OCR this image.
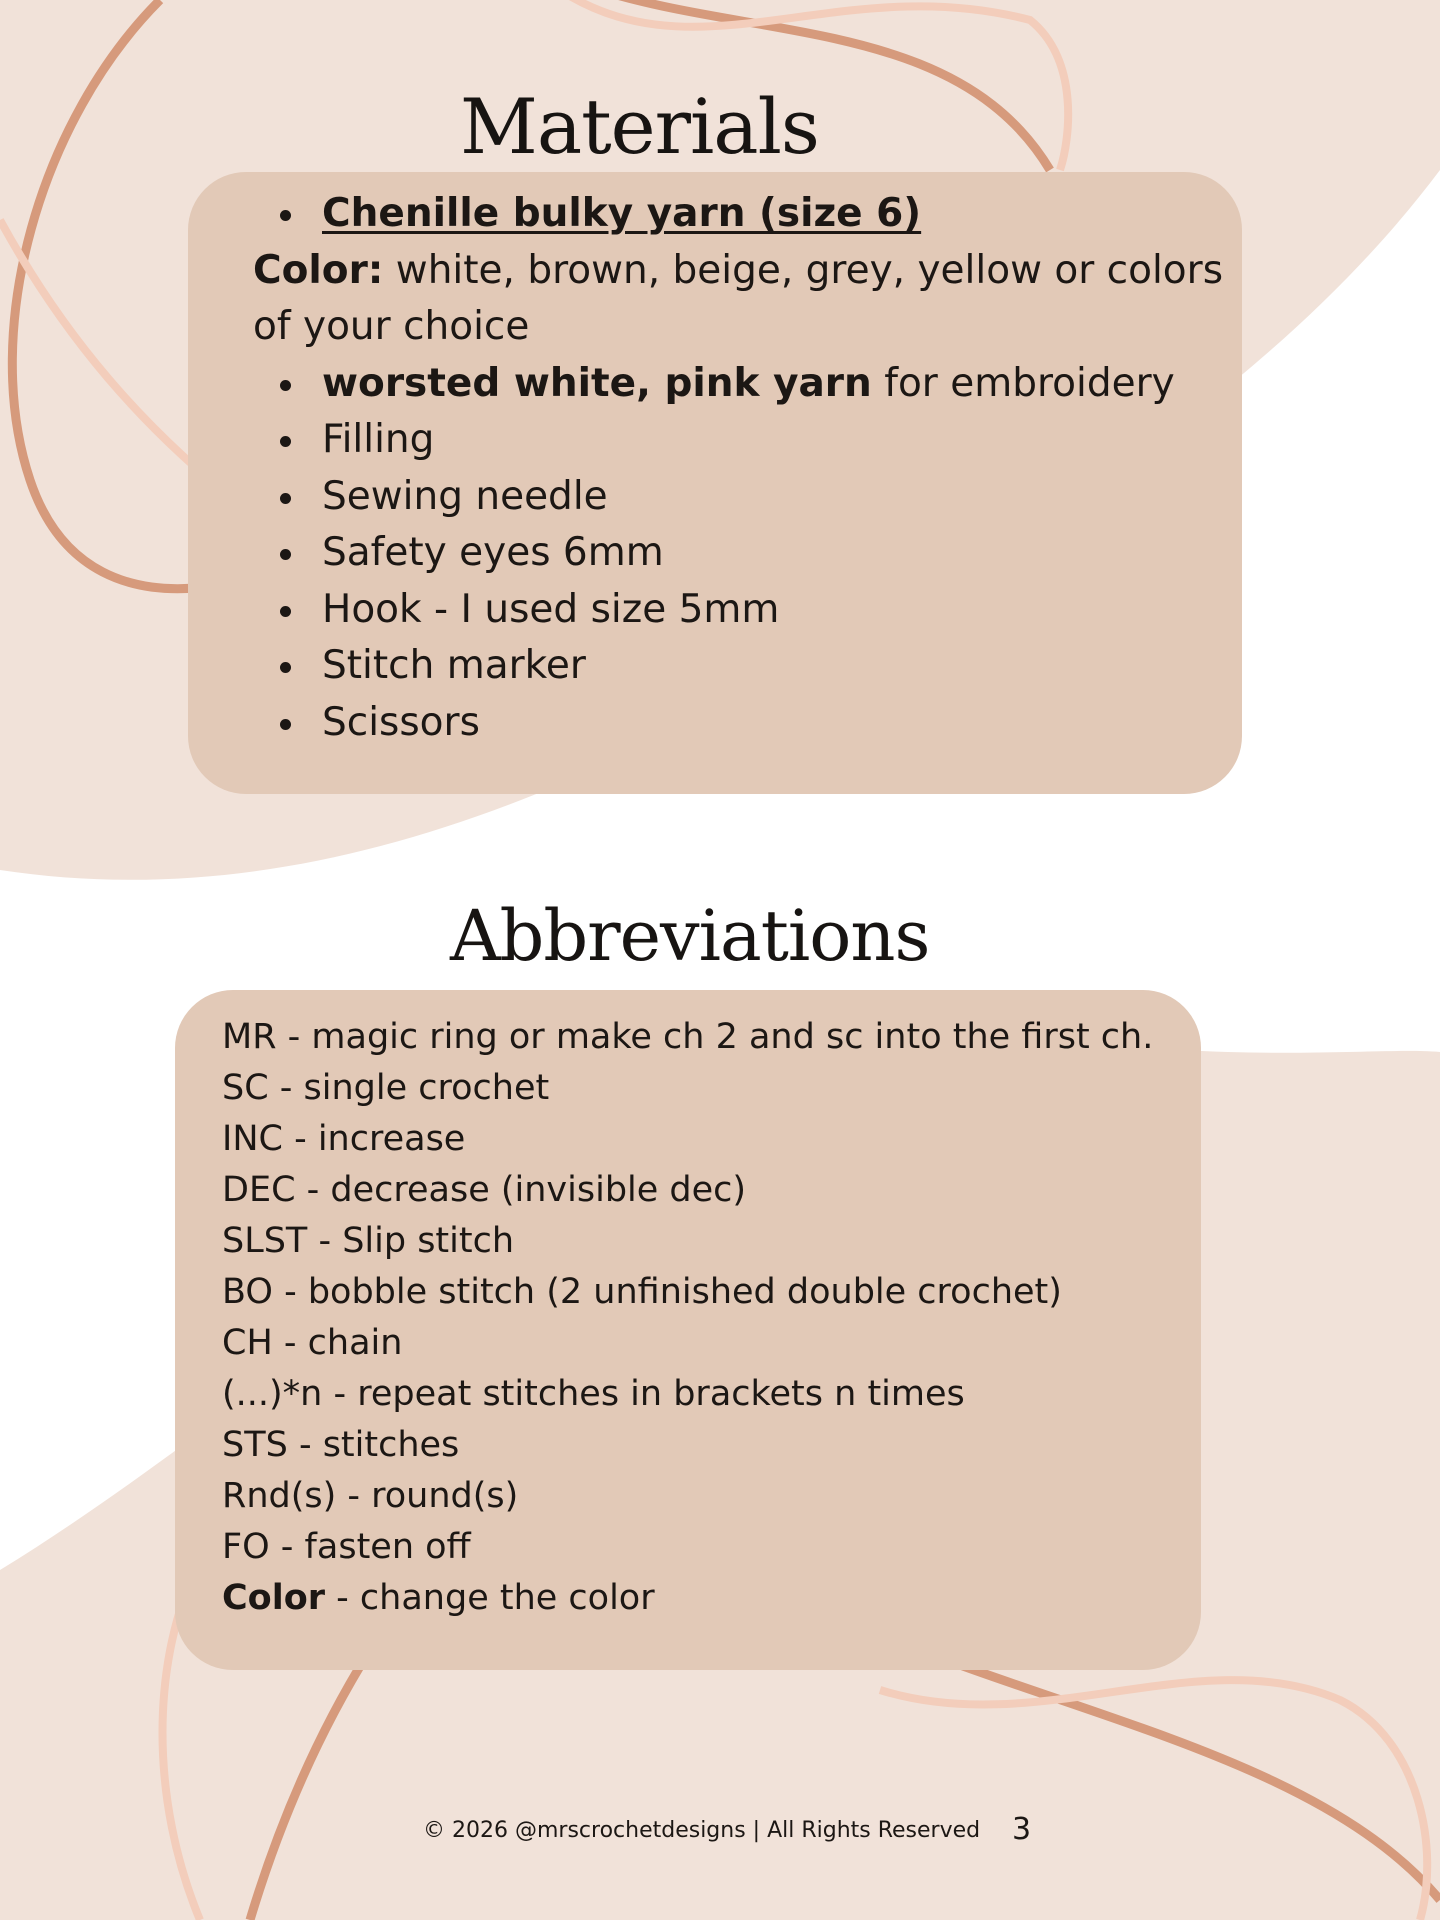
Materials
Chenille bulky yarn (size 6)
Color: white, brown, beige, grey, yellow or colors
of your choice
worsted white, pink yarn for embroidery
Filling
Sewing needle
Safety eyes 6mm
Hook - I used size 5mm
Stitch marker
Scissors
Abbreviations
MR - magic ring or make ch 2 and sc into the first ch.
SC - single crochet
INC - increase
DEC - decrease (invisible dec)
SLST - Slip stitch
BO - bobble stitch (2 unfinished double crochet)
CH - chain
(...)*n - repeat stitches in brackets n times
STS - stitches
Rnd(s) - round(s)
FO - fasten off
Color - change the color
© 2026 @mrscrochetdesigns | All Rights Reserved 3
